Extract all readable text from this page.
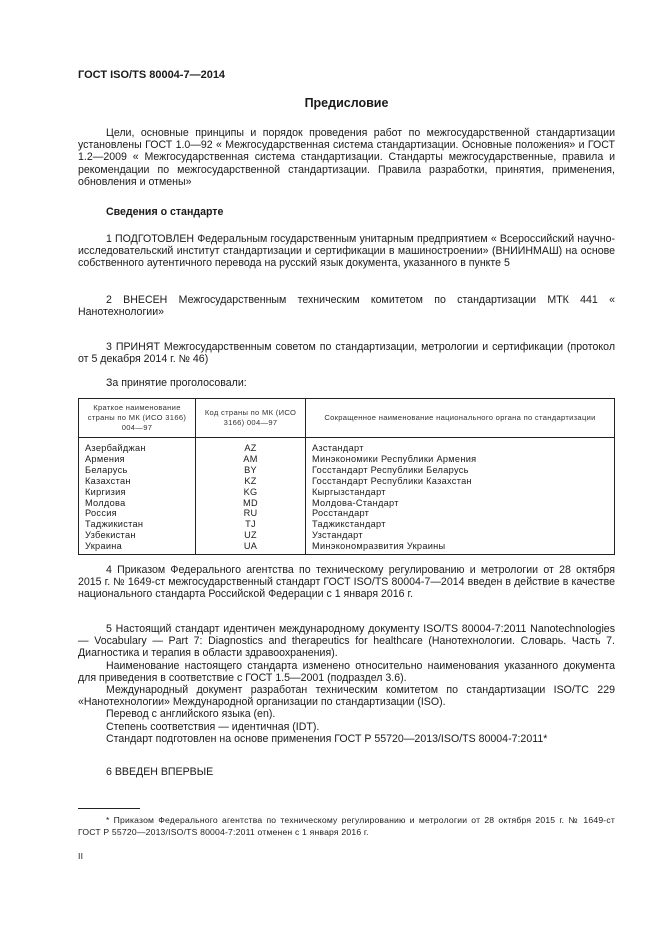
ГОСТ ISO/TS 80004-7—2014
Предисловие

Цели, основные принципы и порядок проведения работ по межгосударственной стандартизации установлены ГОСТ 1.0—92 « Межгосударственная система стандартизации. Основные положения» и ГОСТ 1.2—2009 « Межгосударственная система стандартизации. Стандарты межгосударственные, правила и рекомендации по межгосударственной стандартизации. Правила разработки, принятия, применения, обновления и отмены»

Сведения о стандарте

1 ПОДГОТОВЛЕН Федеральным государственным унитарным предприятием « Всероссийский научно-исследовательский институт стандартизации и сертификации в машиностроении» (ВНИИНМАШ) на основе собственного аутентичного перевода на русский язык документа, указанного в пункте 5

2 ВНЕСЕН Межгосударственным техническим комитетом по стандартизации МТК 441 « Нанотехнологии»

3 ПРИНЯТ Межгосударственным советом по стандартизации, метрологии и сертификации (протокол от 5 декабря 2014 г. № 46)

За принятие проголосовали:

Краткое наименование страны по МК (ИСО 3166) 004—97	Код страны по МК (ИСО 3166) 004—97	Сокращенное наименование национального органа по стандартизации
Азербайджан	AZ	Азстандарт
Армения	AM	Минэкономики Республики Армения
Беларусь	BY	Госстандарт Республики Беларусь
Казахстан	KZ	Госстандарт Республики Казахстан
Киргизия	KG	Кыргызстандарт
Молдова	MD	Молдова-Стандарт
Россия	RU	Росстандарт
Таджикистан	TJ	Таджикстандарт
Узбекистан	UZ	Узстандарт
Украина	UA	Минэкономразвития Украины

4 Приказом Федерального агентства по техническому регулированию и метрологии от 28 октября 2015 г. № 1649-ст межгосударственный стандарт ГОСТ ISO/TS 80004-7—2014 введен в действие в качестве национального стандарта Российской Федерации с 1 января 2016 г.

5 Настоящий стандарт идентичен международному документу ISO/TS 80004-7:2011 Nanotechnologies — Vocabulary — Part 7: Diagnostics and therapeutics for healthcare (Нанотехнологии. Словарь. Часть 7. Диагностика и терапия в области здравоохранения).

Наименование настоящего стандарта изменено относительно наименования указанного документа для приведения в соответствие с ГОСТ 1.5—2001 (подраздел 3.6).

Международный документ разработан техническим комитетом по стандартизации ISO/TC 229 «Нанотехнологии» Международной организации по стандартизации (ISO).

Перевод с английского языка (en).

Степень соответствия — идентичная (IDT).

Стандарт подготовлен на основе применения ГОСТ Р 55720—2013/ISO/TS 80004-7:2011*

6 ВВЕДЕН ВПЕРВЫЕ

* Приказом Федерального агентства по техническому регулированию и метрологии от 28 октября 2015 г. № 1649-ст ГОСТ Р 55720—2013/ISO/TS 80004-7:2011 отменен с 1 января 2016 г.

II
